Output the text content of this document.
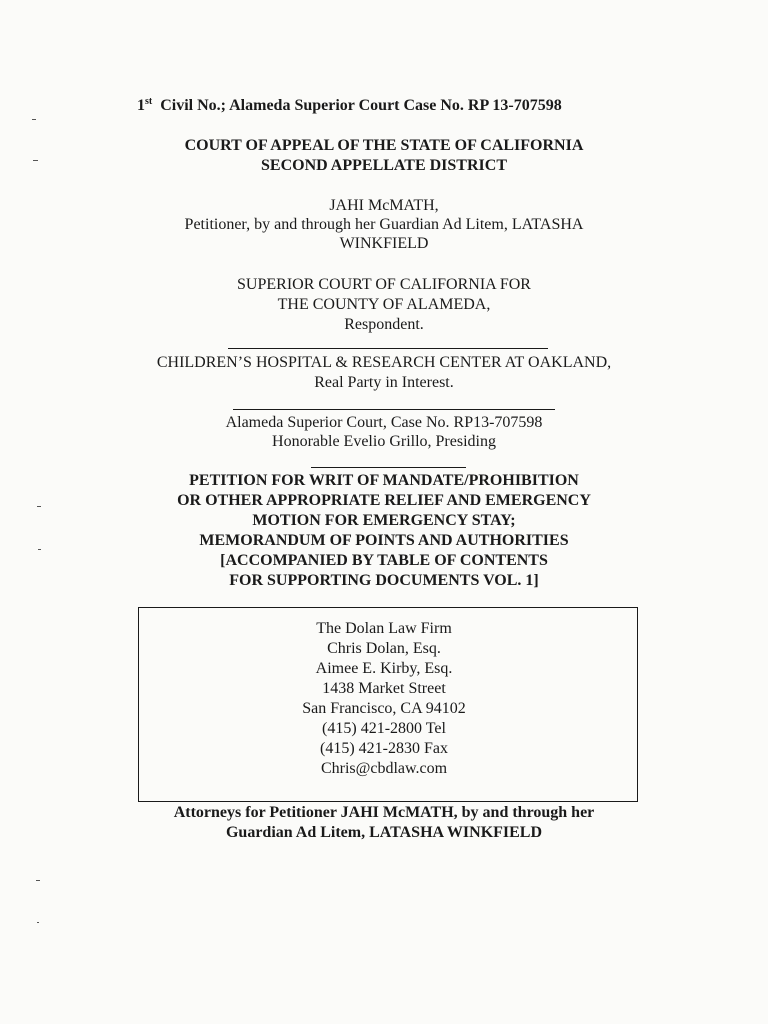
1st Civil No.; Alameda Superior Court Case No. RP 13-707598
COURT OF APPEAL OF THE STATE OF CALIFORNIA
SECOND APPELLATE DISTRICT
JAHI McMATH,
Petitioner, by and through her Guardian Ad Litem, LATASHA
WINKFIELD
SUPERIOR COURT OF CALIFORNIA FOR
THE COUNTY OF ALAMEDA,
Respondent.
CHILDREN’S HOSPITAL & RESEARCH CENTER AT OAKLAND,
Real Party in Interest.
Alameda Superior Court, Case No. RP13-707598
Honorable Evelio Grillo, Presiding
PETITION FOR WRIT OF MANDATE/PROHIBITION
OR OTHER APPROPRIATE RELIEF AND EMERGENCY
MOTION FOR EMERGENCY STAY;
MEMORANDUM OF POINTS AND AUTHORITIES
[ACCOMPANIED BY TABLE OF CONTENTS
FOR SUPPORTING DOCUMENTS VOL. 1]
The Dolan Law Firm
Chris Dolan, Esq.
Aimee E. Kirby, Esq.
1438 Market Street
San Francisco, CA 94102
(415) 421-2800 Tel
(415) 421-2830 Fax
Chris@cbdlaw.com
Attorneys for Petitioner JAHI McMATH, by and through her
Guardian Ad Litem, LATASHA WINKFIELD
